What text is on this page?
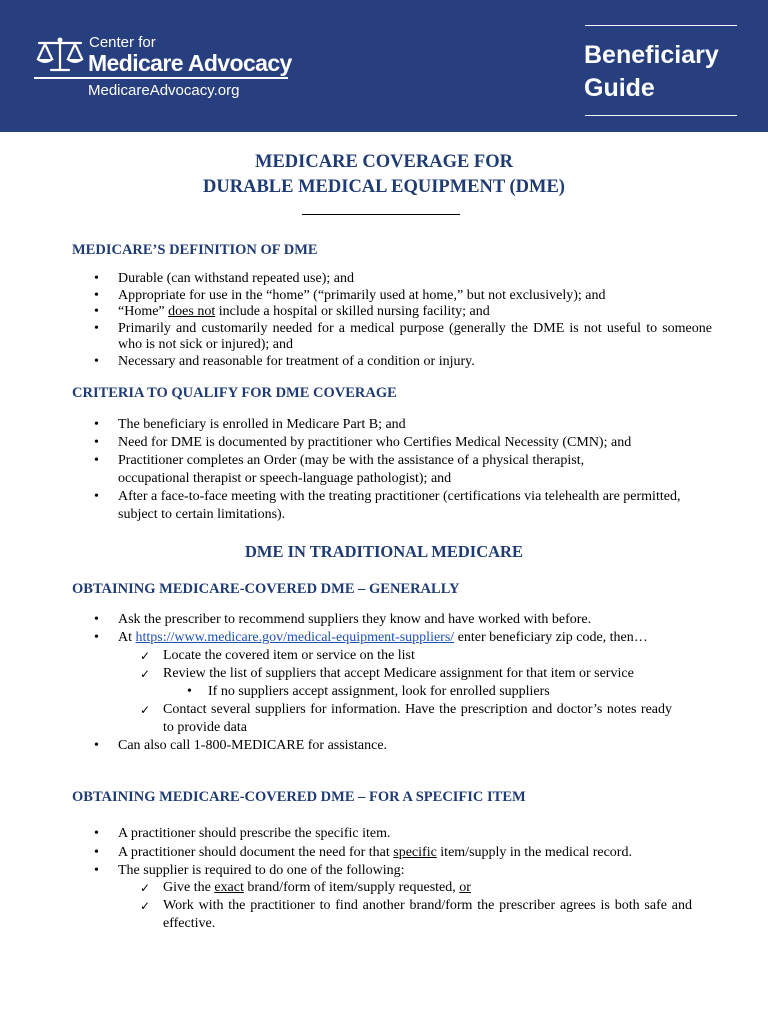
Center for
Medicare Advocacy
MedicareAdvocacy.org
Beneficiary
Guide
MEDICARE COVERAGE FOR
DURABLE MEDICAL EQUIPMENT (DME)

MEDICARE’S DEFINITION OF DME

• Durable (can withstand repeated use); and
• Appropriate for use in the “home” (“primarily used at home,” but not exclusively); and
• “Home” does not include a hospital or skilled nursing facility; and
• Primarily and customarily needed for a medical purpose (generally the DME is not useful to someone who is not sick or injured); and
• Necessary and reasonable for treatment of a condition or injury.

CRITERIA TO QUALIFY FOR DME COVERAGE

• The beneficiary is enrolled in Medicare Part B; and
• Need for DME is documented by practitioner who Certifies Medical Necessity (CMN); and
• Practitioner completes an Order (may be with the assistance of a physical therapist, occupational therapist or speech-language pathologist); and
• After a face-to-face meeting with the treating practitioner (certifications via telehealth are permitted, subject to certain limitations).
DME IN TRADITIONAL MEDICARE

OBTAINING MEDICARE-COVERED DME – GENERALLY

• Ask the prescriber to recommend suppliers they know and have worked with before.
• At https://www.medicare.gov/medical-equipment-suppliers/ enter beneficiary zip code, then…
✓ Locate the covered item or service on the list
✓ Review the list of suppliers that accept Medicare assignment for that item or service
• If no suppliers accept assignment, look for enrolled suppliers
✓ Contact several suppliers for information. Have the prescription and doctor’s notes ready to provide data
• Can also call 1-800-MEDICARE for assistance.

OBTAINING MEDICARE-COVERED DME – FOR A SPECIFIC ITEM

• A practitioner should prescribe the specific item.
• A practitioner should document the need for that specific item/supply in the medical record.
• The supplier is required to do one of the following:
✓ Give the exact brand/form of item/supply requested, or
✓ Work with the practitioner to find another brand/form the prescriber agrees is both safe and effective.
